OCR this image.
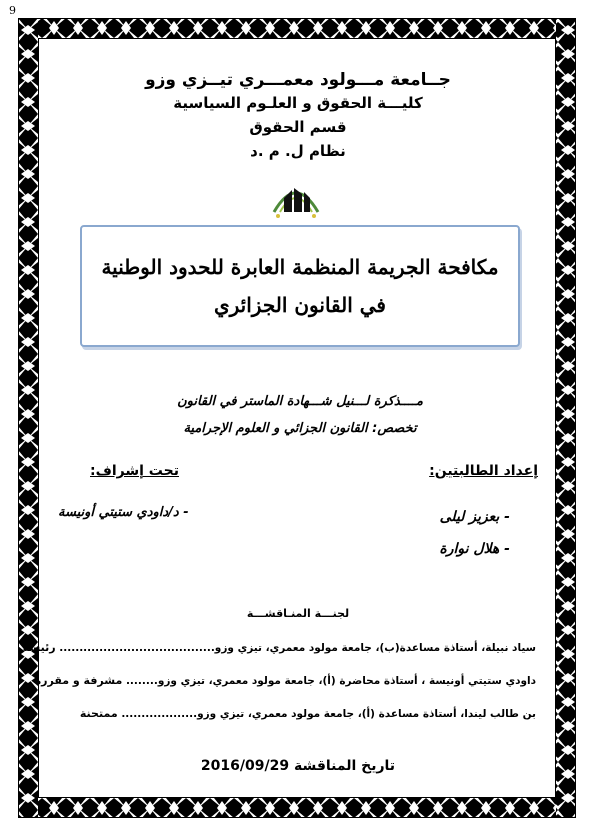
9
جــامعة مـــولود معمـــري تيــزي وزو
كليـــة الحقوق و العلـوم السياسية
قسم الحقوق
نظام ل. م .د
مكافحة الجريمة المنظمة العابرة للحدود الوطنية
في القانون الجزائري
مــــذكرة لـــنيل شـــهادة الماستر في القانون
تخصص: القانون الجزائي و العلوم الإجرامية
إعداد الطالبتين:
- بعزيز ليلى
- هلال نوارة
تحت إشراف:
- د/داودي ستيتي أونيسة
لجنـــة المنـاقشـــة
سياد نبيلة، أستاذة مساعدة(ب)، جامعة مولود معمري، تيزي وزو....................................... رئيسة
داودي ستيتي أونيسة ، أستاذة محاضرة (أ)، جامعة مولود معمري، تيزي وزو........ مشرفة و مقررة
بن طالب ليندا، أستاذة مساعدة (أ)، جامعة مولود معمري، تيزي وزو................... ممتحنة
تاريخ المناقشة 2016/09/29
